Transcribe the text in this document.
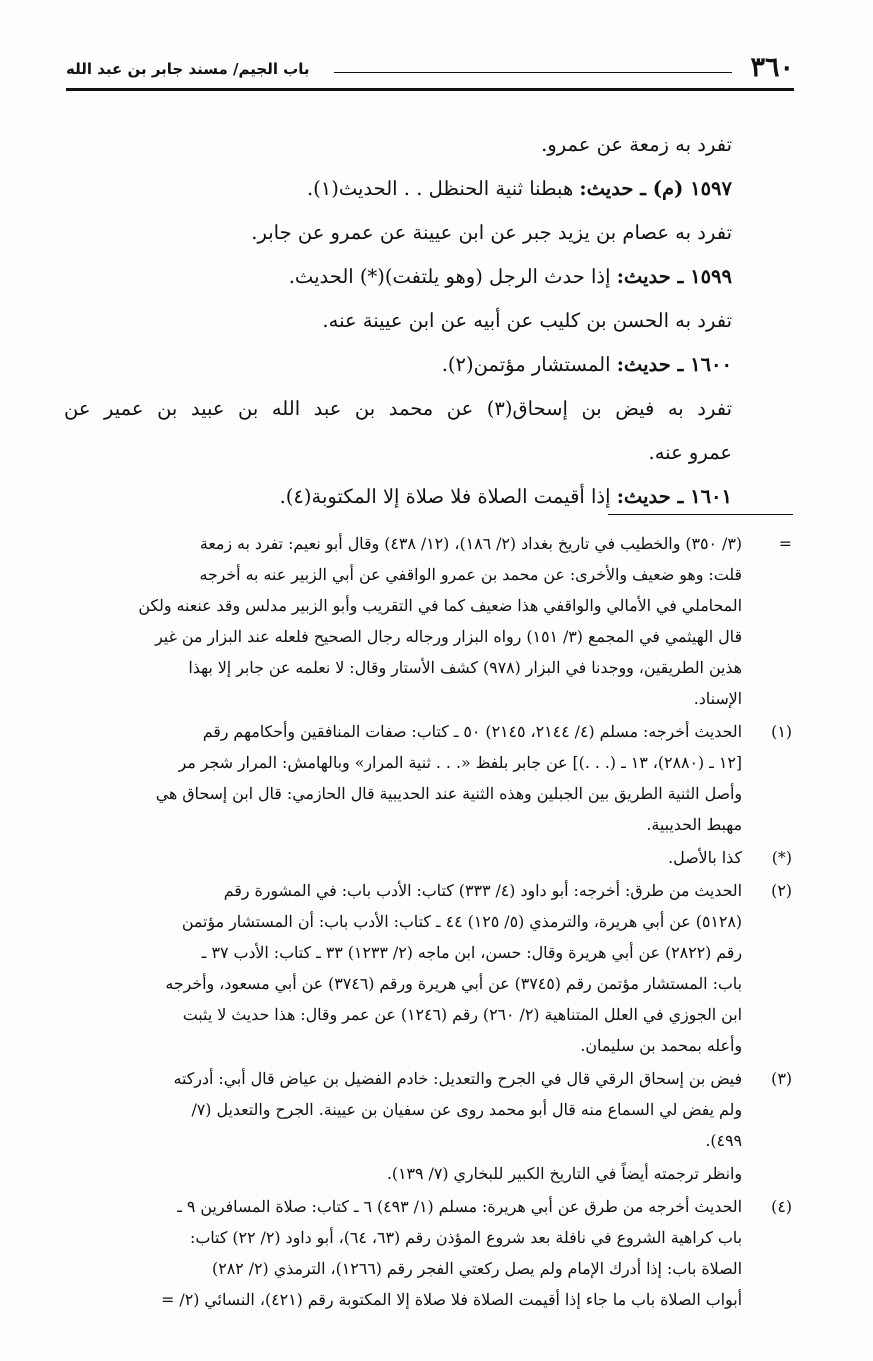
٣٦٠
باب الجيم/ مسند جابر بن عبد الله
تفرد به زمعة عن عمرو.
١٥٩٧ (م) ـ حديث: هبطنا ثنية الحنظل . . الحديث(١).
تفرد به عصام بن يزيد جبر عن ابن عيينة عن عمرو عن جابر.
١٥٩٩ ـ حديث: إذا حدث الرجل (وهو يلتفت)(*) الحديث.
تفرد به الحسن بن كليب عن أبيه عن ابن عيينة عنه.
١٦٠٠ ـ حديث: المستشار مؤتمن(٢).
تفرد به فيض بن إسحاق(٣) عن محمد بن عبد الله بن عبيد بن عمير عن
عمرو عنه.
١٦٠١ ـ حديث: إذا أقيمت الصلاة فلا صلاة إلا المكتوبة(٤).
=
(٣/ ٣٥٠) والخطيب في تاريخ بغداد (٢/ ١٨٦)، (١٢/ ٤٣٨) وقال أبو نعيم: تفرد به زمعة
قلت: وهو ضعيف والأخرى: عن محمد بن عمرو الواقفي عن أبي الزبير عنه به أخرجه
المحاملي في الأمالي والواقفي هذا ضعيف كما في التقريب وأبو الزبير مدلس وقد عنعنه ولكن
قال الهيثمي في المجمع (٣/ ١٥١) رواه البزار ورجاله رجال الصحيح فلعله عند البزار من غير
هذين الطريقين، ووجدنا في البزار (٩٧٨) كشف الأستار وقال: لا نعلمه عن جابر إلا بهذا
الإسناد.
(١)
الحديث أخرجه: مسلم (٤/ ٢١٤٤، ٢١٤٥) ٥٠ ـ كتاب: صفات المنافقين وأحكامهم رقم
[١٢ ـ (٢٨٨٠)، ١٣ ـ (. . .)] عن جابر بلفظ «. . . ثنية المرار» وبالهامش: المرار شجر مر
وأصل الثنية الطريق بين الجبلين وهذه الثنية عند الحديبية قال الحازمي: قال ابن إسحاق هي
مهبط الحديبية.
(*)
كذا بالأصل.
(٢)
الحديث من طرق: أخرجه: أبو داود (٤/ ٣٣٣) كتاب: الأدب باب: في المشورة رقم
(٥١٢٨) عن أبي هريرة، والترمذي (٥/ ١٢٥) ٤٤ ـ كتاب: الأدب باب: أن المستشار مؤتمن
رقم (٢٨٢٢) عن أبي هريرة وقال: حسن، ابن ماجه (٢/ ١٢٣٣) ٣٣ ـ كتاب: الأدب ٣٧ ـ
باب: المستشار مؤتمن رقم (٣٧٤٥) عن أبي هريرة ورقم (٣٧٤٦) عن أبي مسعود، وأخرجه
ابن الجوزي في العلل المتناهية (٢/ ٢٦٠) رقم (١٢٤٦) عن عمر وقال: هذا حديث لا يثبت
وأعله بمحمد بن سليمان.
(٣)
فيض بن إسحاق الرقي قال في الجرح والتعديل: خادم الفضيل بن عياض قال أبي: أدركته
ولم يفض لي السماع منه قال أبو محمد روى عن سفيان بن عيينة. الجرح والتعديل (٧/
٤٩٩).
وانظر ترجمته أيضاً في التاريخ الكبير للبخاري (٧/ ١٣٩).
(٤)
الحديث أخرجه من طرق عن أبي هريرة: مسلم (١/ ٤٩٣) ٦ ـ كتاب: صلاة المسافرين ٩ ـ
باب كراهية الشروع في نافلة بعد شروع المؤذن رقم (٦٣، ٦٤)، أبو داود (٢/ ٢٢) كتاب:
الصلاة باب: إذا أدرك الإمام ولم يصل ركعتي الفجر رقم (١٢٦٦)، الترمذي (٢/ ٢٨٢)
أبواب الصلاة باب ما جاء إذا أقيمت الصلاة فلا صلاة إلا المكتوبة رقم (٤٢١)، النسائي (٢/ =
